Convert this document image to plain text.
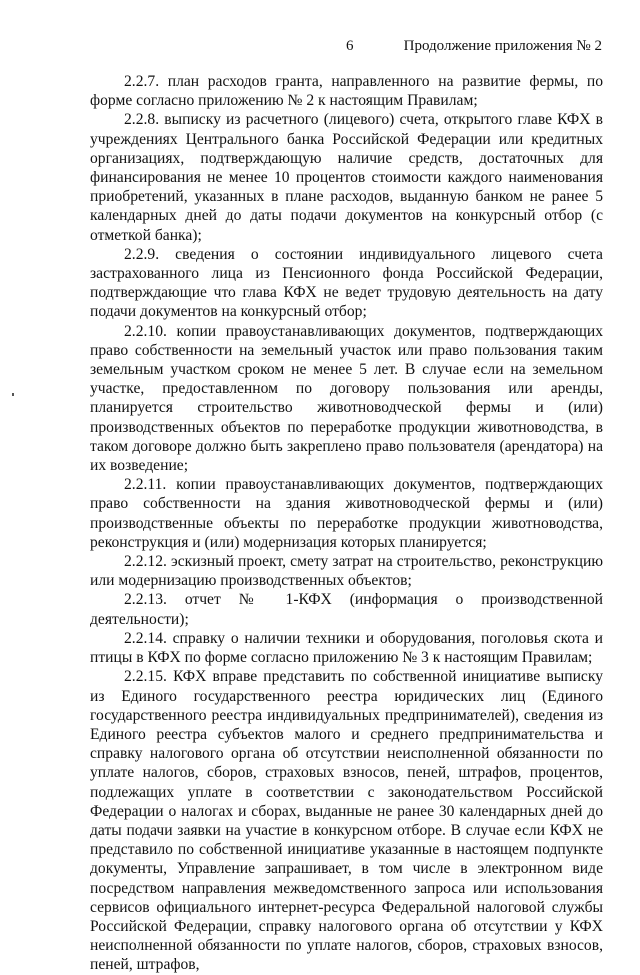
6	Продолжение приложения № 2

2.2.7. план расходов гранта, направленного на развитие фермы, по форме согласно приложению № 2 к настоящим Правилам;

2.2.8. выписку из расчетного (лицевого) счета, открытого главе КФХ в учреждениях Центрального банка Российской Федерации или кредитных организациях, подтверждающую наличие средств, достаточных для финансирования не менее 10 процентов стоимости каждого наименования приобретений, указанных в плане расходов, выданную банком не ранее 5 календарных дней до даты подачи документов на конкурсный отбор (с отметкой банка);

2.2.9. сведения о состоянии индивидуального лицевого счета застрахованного лица из Пенсионного фонда Российской Федерации, подтверждающие что глава КФХ не ведет трудовую деятельность на дату подачи документов на конкурсный отбор;

2.2.10. копии правоустанавливающих документов, подтверждающих право собственности на земельный участок или право пользования таким земельным участком сроком не менее 5 лет. В случае если на земельном участке, предоставленном по договору пользования или аренды, планируется строительство животноводческой фермы и (или) производственных объектов по переработке продукции животноводства, в таком договоре должно быть закреплено право пользователя (арендатора) на их возведение;

2.2.11. копии правоустанавливающих документов, подтверждающих право собственности на здания животноводческой фермы и (или) производственные объекты по переработке продукции животноводства, реконструкция и (или) модернизация которых планируется;

2.2.12. эскизный проект, смету затрат на строительство, реконструкцию или модернизацию производственных объектов;

2.2.13. отчет № 1-КФХ (информация о производственной деятельности);

2.2.14. справку о наличии техники и оборудования, поголовья скота и птицы в КФХ по форме согласно приложению № 3 к настоящим Правилам;

2.2.15. КФХ вправе представить по собственной инициативе выписку из Единого государственного реестра юридических лиц (Единого государственного реестра индивидуальных предпринимателей), сведения из Единого реестра субъектов малого и среднего предпринимательства и справку налогового органа об отсутствии неисполненной обязанности по уплате налогов, сборов, страховых взносов, пеней, штрафов, процентов, подлежащих уплате в соответствии с законодательством Российской Федерации о налогах и сборах, выданные не ранее 30 календарных дней до даты подачи заявки на участие в конкурсном отборе. В случае если КФХ не представило по собственной инициативе указанные в настоящем подпункте документы, Управление запрашивает, в том числе в электронном виде посредством направления межведомственного запроса или использования сервисов официального интернет-ресурса Федеральной налоговой службы Российской Федерации, справку налогового органа об отсутствии у КФХ неисполненной обязанности по уплате налогов, сборов, страховых взносов, пеней, штрафов,
